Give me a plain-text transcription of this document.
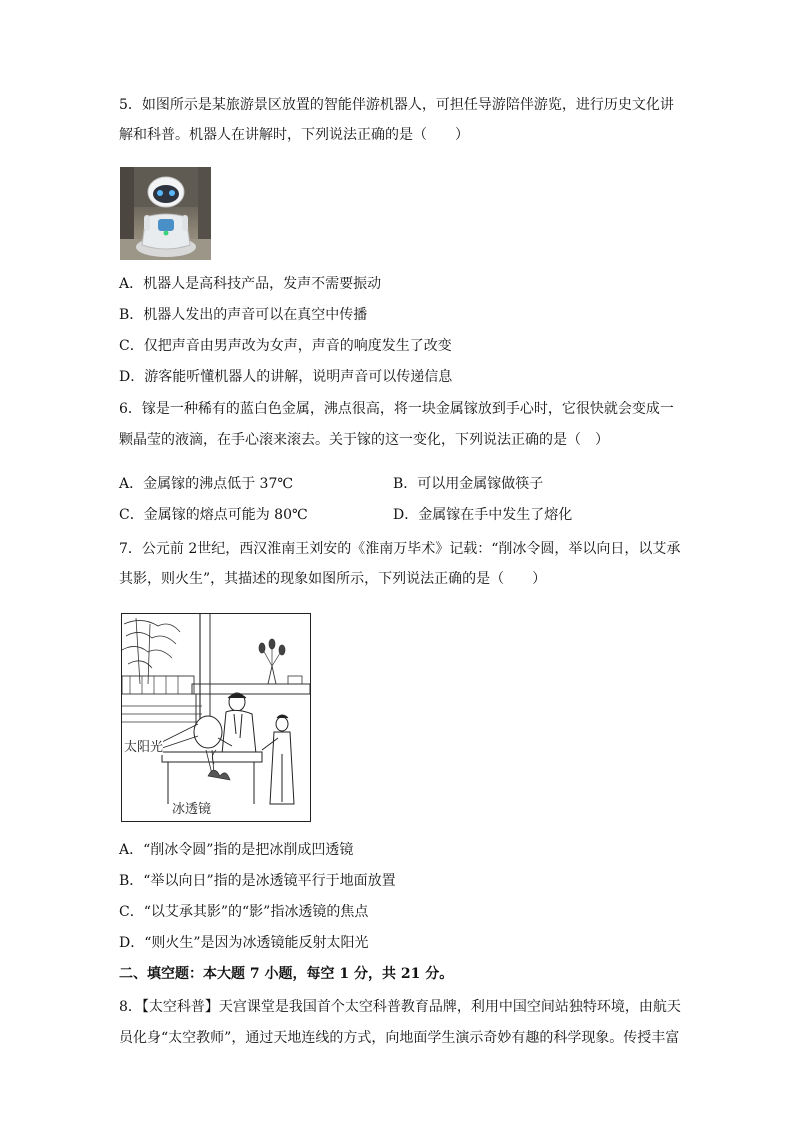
5．如图所示是某旅游景区放置的智能伴游机器人，可担任导游陪伴游览，进行历史文化讲
解和科普。机器人在讲解时，下列说法正确的是（　　）
A．机器人是高科技产品，发声不需要振动
B．机器人发出的声音可以在真空中传播
C．仅把声音由男声改为女声，声音的响度发生了改变
D．游客能听懂机器人的讲解，说明声音可以传递信息
6．镓是一种稀有的蓝白色金属，沸点很高，将一块金属镓放到手心时，它很快就会变成一
颗晶莹的液滴，在手心滚来滚去。关于镓的这一变化，下列说法正确的是（　）
A．金属镓的沸点低于 37℃	B．可以用金属镓做筷子
C．金属镓的熔点可能为 80℃	D．金属镓在手中发生了熔化
7．公元前 2世纪，西汉淮南王刘安的《淮南万毕术》记载：“削冰令圆，举以向日，以艾承
其影，则火生”，其描述的现象如图所示，下列说法正确的是（　　）
太阳光
冰透镜
A．“削冰令圆”指的是把冰削成凹透镜
B．“举以向日”指的是冰透镜平行于地面放置
C．“以艾承其影”的“影”指冰透镜的焦点
D．“则火生”是因为冰透镜能反射太阳光
二、填空题：本大题 7 小题，每空 1 分，共 21 分。
8．【太空科普】天宫课堂是我国首个太空科普教育品牌，利用中国空间站独特环境，由航天
员化身“太空教师”，通过天地连线的方式，向地面学生演示奇妙有趣的科学现象。传授丰富
